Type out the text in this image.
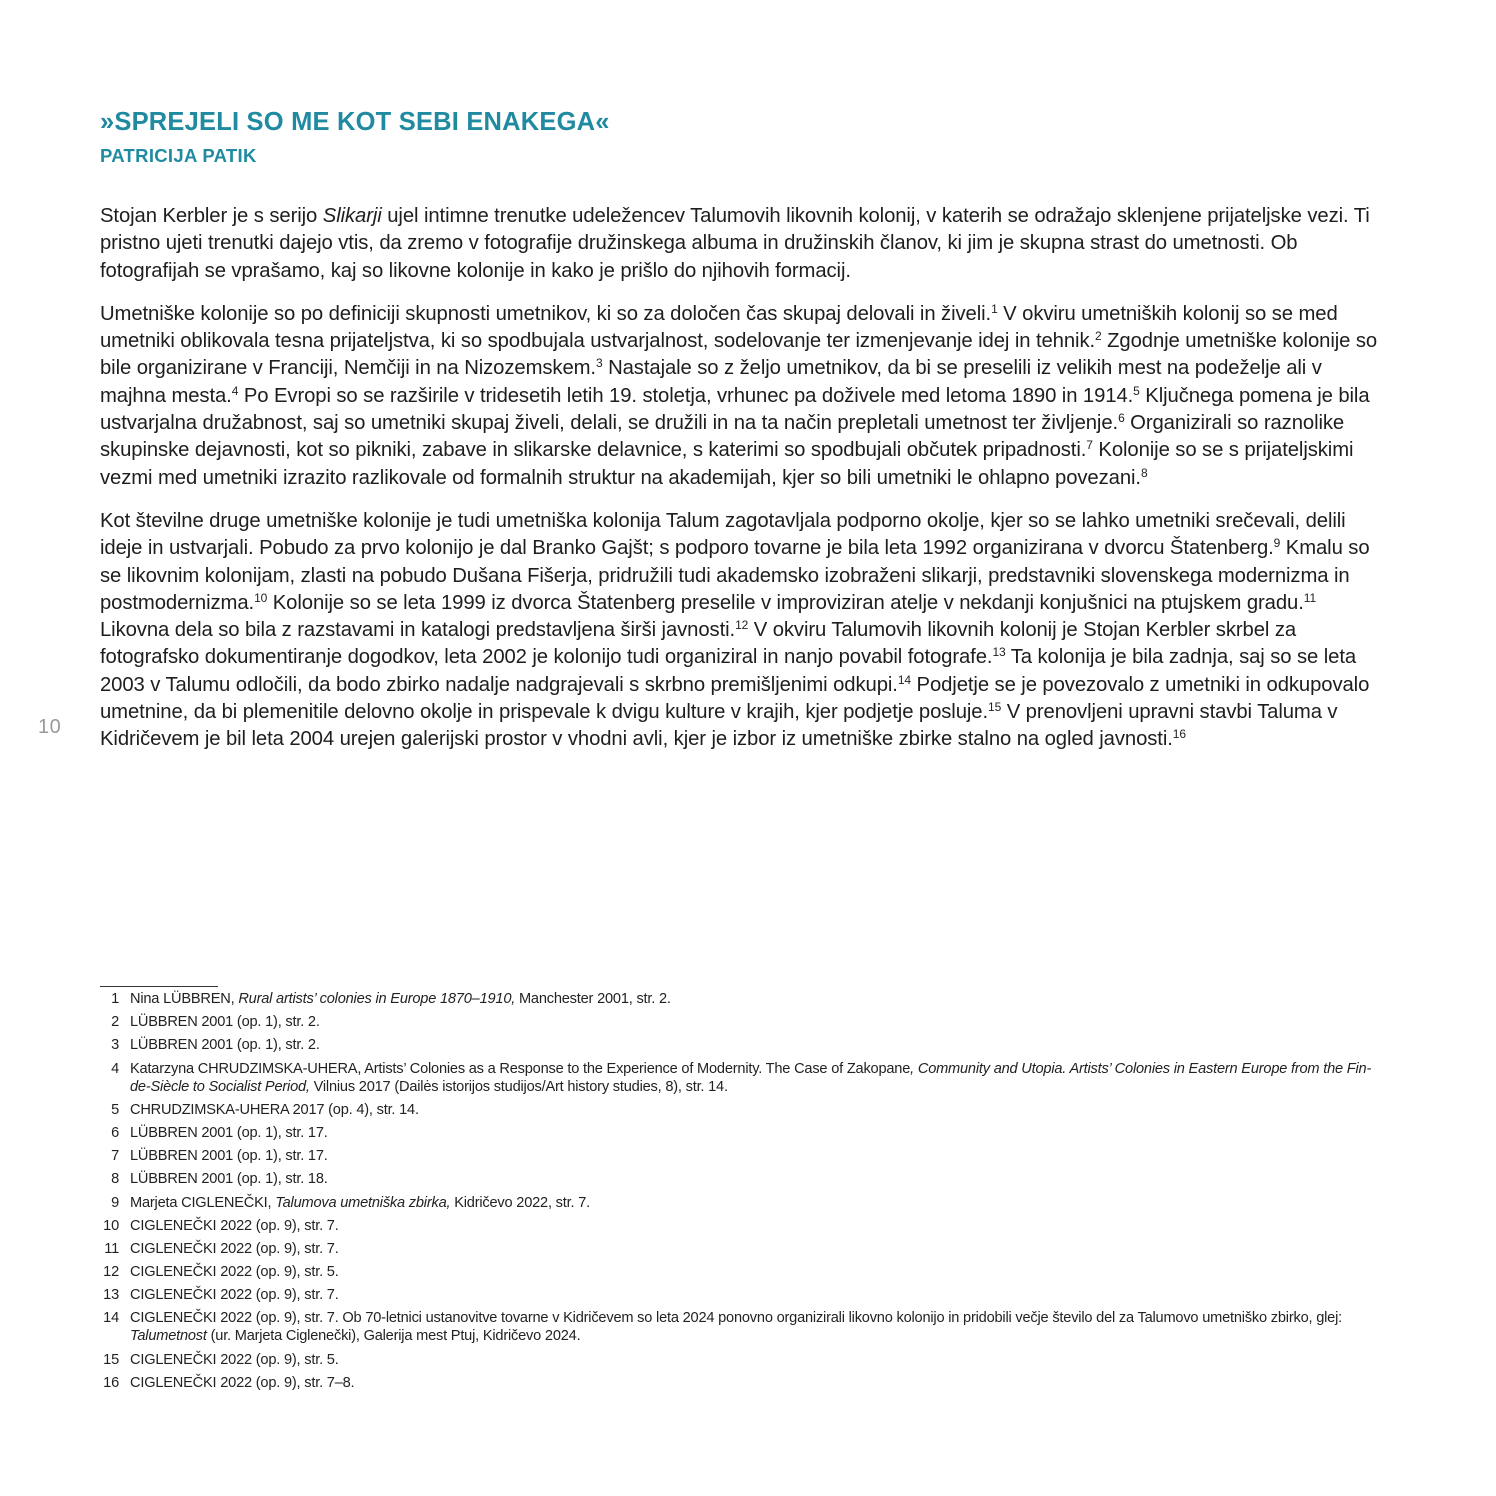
10
»SPREJELI SO ME KOT SEBI ENAKEGA«
PATRICIJA PATIK

Stojan Kerbler je s serijo Slikarji ujel intimne trenutke udeležencev Talumovih likovnih kolonij, v katerih se odražajo sklenjene prijateljske vezi. Ti pristno ujeti trenutki dajejo vtis, da zremo v fotografije družinskega albuma in družinskih članov, ki jim je skupna strast do umetnosti. Ob fotografijah se vprašamo, kaj so likovne kolonije in kako je prišlo do njihovih formacij.

Umetniške kolonije so po definiciji skupnosti umetnikov, ki so za določen čas skupaj delovali in živeli.$^1$ V okviru umetniških kolonij so se med umetniki oblikovala tesna prijateljstva, ki so spodbujala ustvarjalnost, sodelovanje ter izmenjevanje idej in tehnik.$^2$ Zgodnje umetniške kolonije so bile organizirane v Franciji, Nemčiji in na Nizozemskem.$^3$ Nastajale so z željo umetnikov, da bi se preselili iz velikih mest na podeželje ali v majhna mesta.$^4$ Po Evropi so se razširile v tridesetih letih 19. stoletja, vrhunec pa doživele med letoma 1890 in 1914.$^5$ Ključnega pomena je bila ustvarjalna družabnost, saj so umetniki skupaj živeli, delali, se družili in na ta način prepletali umetnost ter življenje.$^6$ Organizirali so raznolike skupinske dejavnosti, kot so pikniki, zabave in slikarske delavnice, s katerimi so spodbujali občutek pripadnosti.$^7$ Kolonije so se s prijateljskimi vezmi med umetniki izrazito razlikovale od formalnih struktur na akademijah, kjer so bili umetniki le ohlapno povezani.$^8$

Kot številne druge umetniške kolonije je tudi umetniška kolonija Talum zagotavljala podporno okolje, kjer so se lahko umetniki srečevali, delili ideje in ustvarjali. Pobudo za prvo kolonijo je dal Branko Gajšt; s podporo tovarne je bila leta 1992 organizirana v dvorcu Štatenberg.$^9$ Kmalu so se likovnim kolonijam, zlasti na pobudo Dušana Fišerja, pridružili tudi akademsko izobraženi slikarji, predstavniki slovenskega modernizma in postmodernizma.$^{10}$ Kolonije so se leta 1999 iz dvorca Štatenberg preselile v improviziran atelje v nekdanji konjušnici na ptujskem gradu.$^{11}$ Likovna dela so bila z razstavami in katalogi predstavljena širši javnosti.$^{12}$ V okviru Talumovih likovnih kolonij je Stojan Kerbler skrbel za fotografsko dokumentiranje dogodkov, leta 2002 je kolonijo tudi organiziral in nanjo povabil fotografe.$^{13}$ Ta kolonija je bila zadnja, saj so se leta 2003 v Talumu odločili, da bodo zbirko nadalje nadgrajevali s skrbno premišljenimi odkupi.$^{14}$ Podjetje se je povezovalo z umetniki in odkupovalo umetnine, da bi plemenitile delovno okolje in prispevale k dvigu kulture v krajih, kjer podjetje posluje.$^{15}$ V prenovljeni upravni stavbi Taluma v Kidričevem je bil leta 2004 urejen galerijski prostor v vhodni avli, kjer je izbor iz umetniške zbirke stalno na ogled javnosti.$^{16}$

1 Nina LÜBBREN, Rural artists’ colonies in Europe 1870–1910, Manchester 2001, str. 2.
2 LÜBBREN 2001 (op. 1), str. 2.
3 LÜBBREN 2001 (op. 1), str. 2.
4 Katarzyna CHRUDZIMSKA-UHERA, Artists’ Colonies as a Response to the Experience of Modernity. The Case of Zakopane, Community and Utopia. Artists’ Colonies in Eastern Europe from the Fin-de-Siècle to Socialist Period, Vilnius 2017 (Dailės istorijos studijos/Art history studies, 8), str. 14.
5 CHRUDZIMSKA-UHERA 2017 (op. 4), str. 14.
6 LÜBBREN 2001 (op. 1), str. 17.
7 LÜBBREN 2001 (op. 1), str. 17.
8 LÜBBREN 2001 (op. 1), str. 18.
9 Marjeta CIGLENEČKI, Talumova umetniška zbirka, Kidričevo 2022, str. 7.
10 CIGLENEČKI 2022 (op. 9), str. 7.
11 CIGLENEČKI 2022 (op. 9), str. 7.
12 CIGLENEČKI 2022 (op. 9), str. 5.
13 CIGLENEČKI 2022 (op. 9), str. 7.
14 CIGLENEČKI 2022 (op. 9), str. 7. Ob 70-letnici ustanovitve tovarne v Kidričevem so leta 2024 ponovno organizirali likovno kolonijo in pridobili večje število del za Talumovo umetniško zbirko, glej: Talumetnost (ur. Marjeta Ciglenečki), Galerija mest Ptuj, Kidričevo 2024.
15 CIGLENEČKI 2022 (op. 9), str. 5.
16 CIGLENEČKI 2022 (op. 9), str. 7–8.
